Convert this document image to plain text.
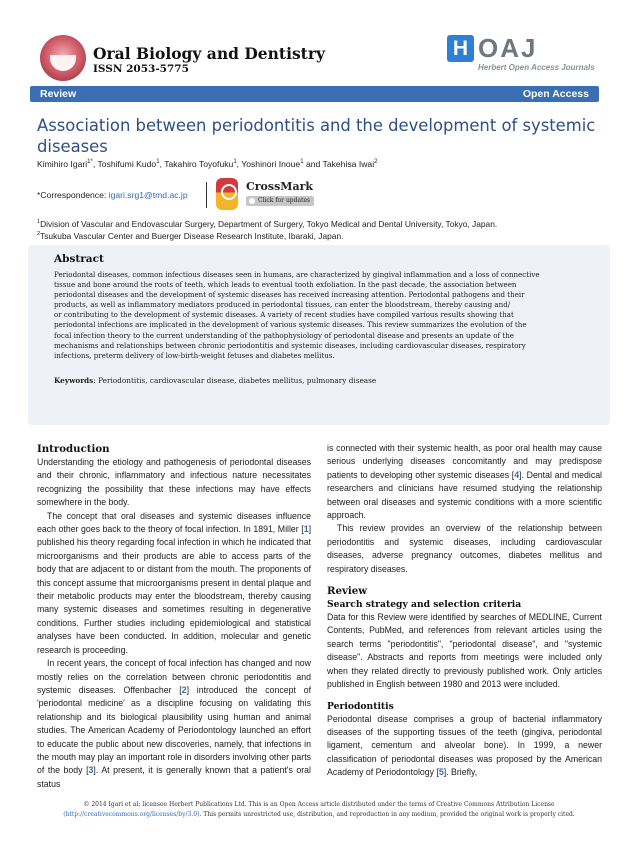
Oral Biology and Dentistry
ISSN 2053-5775
H OAJ
Herbert Open Access Journals
Review	Open Access
Association between periodontitis and the development of systemic diseases
Kimihiro Igari$^{1*}$, Toshifumi Kudo$^1$, Takahiro Toyofuku$^1$, Yoshinori Inoue$^1$ and Takehisa Iwai$^2$
*Correspondence: igari.srg1@tmd.ac.jp
CrossMark
Click for updates
$^1$Division of Vascular and Endovascular Surgery, Department of Surgery, Tokyo Medical and Dental University, Tokyo, Japan.
$^2$Tsukuba Vascular Center and Buerger Disease Research Institute, Ibaraki, Japan.
Abstract
Periodontal diseases, common infectious diseases seen in humans, are characterized by gingival inflammation and a loss of connective
tissue and bone around the roots of teeth, which leads to eventual tooth exfoliation. In the past decade, the association between
periodontal diseases and the development of systemic diseases has received increasing attention. Periodontal pathogens and their
products, as well as inflammatory mediators produced in periodontal tissues, can enter the bloodstream, thereby causing and/
or contributing to the development of systemic diseases. A variety of recent studies have compiled various results showing that
periodontal infections are implicated in the development of various systemic diseases. This review summarizes the evolution of the
focal infection theory to the current understanding of the pathophysiology of periodontal disease and presents an update of the
mechanisms and relationships between chronic periodontitis and systemic diseases, including cardiovascular diseases, respiratory
infections, preterm delivery of low-birth-weight fetuses and diabetes mellitus.
Keywords: Periodontitis, cardiovascular disease, diabetes mellitus, pulmonary disease
Introduction

Understanding the etiology and pathogenesis of periodontal diseases and their chronic, inflammatory and infectious nature necessitates recognizing the possibility that these infections may have effects somewhere in the body.

The concept that oral diseases and systemic diseases influence each other goes back to the theory of focal infection. In 1891, Miller [1] published his theory regarding focal infection in which he indicated that microorganisms and their products are able to access parts of the body that are adjacent to or distant from the mouth. The proponents of this concept assume that microorganisms present in dental plaque and their metabolic products may enter the bloodstream, thereby causing many systemic diseases and sometimes resulting in degenerative conditions. Further studies including epidemiological and statistical analyses have been conducted. In addition, molecular and genetic research is proceeding.

In recent years, the concept of focal infection has changed and now mostly relies on the correlation between chronic periodontitis and systemic diseases. Offenbacher [2] introduced the concept of 'periodontal medicine' as a discipline focusing on validating this relationship and its biological plausibility using human and animal studies. The American Academy of Periodontology launched an effort to educate the public about new discoveries, namely, that infections in the mouth may play an important role in disorders involving other parts of the body [3]. At present, it is generally known that a patient's oral status

is connected with their systemic health, as poor oral health may cause serious underlying diseases concomitantly and may predispose patients to developing other systemic diseases [4]. Dental and medical researchers and clinicians have resumed studying the relationship between oral diseases and systemic conditions with a more scientific approach.

This review provides an overview of the relationship between periodontitis and systemic diseases, including cardiovascular diseases, adverse pregnancy outcomes, diabetes mellitus and respiratory diseases.

Review
Search strategy and selection criteria

Data for this Review were identified by searches of MEDLINE, Current Contents, PubMed, and references from relevant articles using the search terms "periodontitis", "periodontal disease", and "systemic disease". Abstracts and reports from meetings were included only when they related directly to previously published work. Only articles published in English between 1980 and 2013 were included.

Periodontitis

Periodontal disease comprises a group of bacterial inflammatory diseases of the supporting tissues of the teeth (gingiva, periodontal ligament, cementum and alveolar bone). In 1999, a newer classification of periodontal diseases was proposed by the American Academy of Periodontology [5]. Briefly,

© 2014 Igari et al; licensee Herbert Publications Ltd. This is an Open Access article distributed under the terms of Creative Commons Attribution License
(http://creativecommons.org/licenses/by/3.0). This permits unrestricted use, distribution, and reproduction in any medium, provided the original work is properly cited.
